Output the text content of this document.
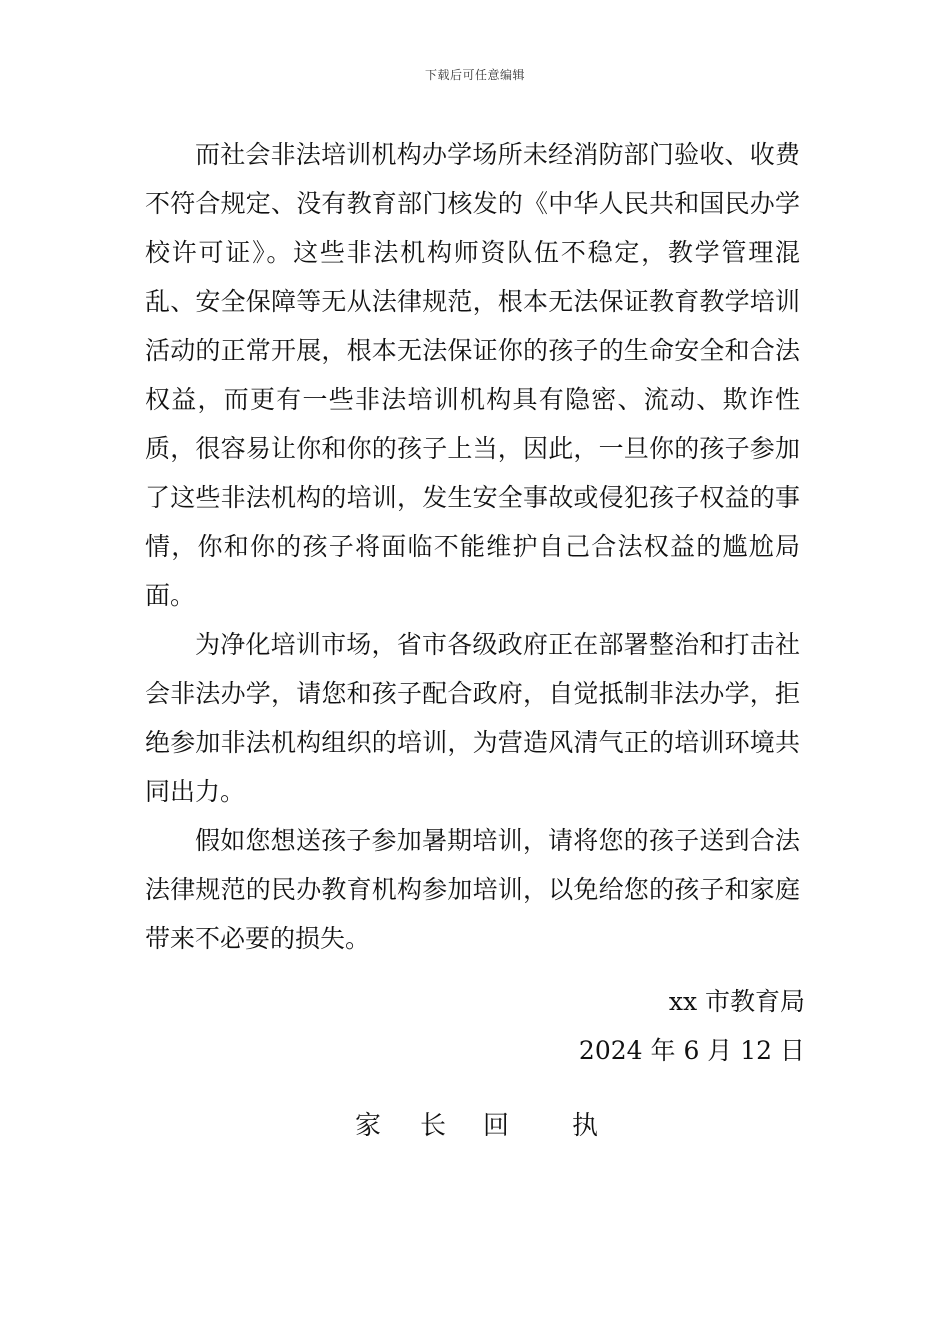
下载后可任意编辑

而社会非法培训机构办学场所未经消防部门验收、收费不符合规定、没有教育部门核发的《中华人民共和国民办学校许可证》。这些非法机构师资队伍不稳定，教学管理混乱、安全保障等无从法律规范，根本无法保证教育教学培训活动的正常开展，根本无法保证你的孩子的生命安全和合法权益，而更有一些非法培训机构具有隐密、流动、欺诈性质，很容易让你和你的孩子上当，因此，一旦你的孩子参加了这些非法机构的培训，发生安全事故或侵犯孩子权益的事情，你和你的孩子将面临不能维护自己合法权益的尴尬局面。

为净化培训市场，省市各级政府正在部署整治和打击社会非法办学，请您和孩子配合政府，自觉抵制非法办学，拒绝参加非法机构组织的培训，为营造风清气正的培训环境共同出力。

假如您想送孩子参加暑期培训，请将您的孩子送到合法法律规范的民办教育机构参加培训，以免给您的孩子和家庭带来不必要的损失。

xx 市教育局
2024 年 6 月 12 日
家 长 回 执
